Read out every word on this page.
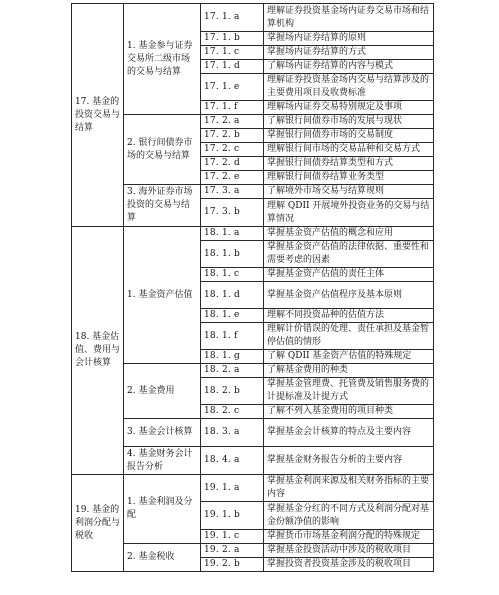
17. 基金的投资交易与结算	1. 基金参与证券交易所二级市场的交易与结算	17. 1. a	理解证券投资基金场内证券交易市场和结算机构
		17. 1. b	掌握场内证券结算的原则
		17. 1. c	掌握场内证券结算的方式
		17. 1. d	了解场内证券结算的内容与模式
		17. 1. e	理解证券投资基金场内交易与结算涉及的主要费用项目及收费标准
		17. 1. f	理解场内证券交易特别规定及事项
	2. 银行间债券市场的交易与结算	17. 2. a	了解银行间债券市场的发展与现状
		17. 2. b	掌握银行间债券市场的交易制度
		17. 2. c	理解银行间市场的交易品种和交易方式
		17. 2. d	掌握银行间债券结算类型和方式
		17. 2. e	理解银行间债券结算业务类型
	3. 海外证券市场投资的交易与结算	17. 3. a	了解境外市场交易与结算规则
		17. 3. b	理解 QDII 开展境外投资业务的交易与结算情况
18. 基金估值、费用与会计核算	1. 基金资产估值	18. 1. a	掌握基金资产估值的概念和应用
		18. 1. b	掌握基金资产估值的法律依据、重要性和需要考虑的因素
		18. 1. c	掌握基金资产估值的责任主体
		18. 1. d	掌握基金资产估值程序及基本原则
		18. 1. e	理解不同投资品种的估值方法
		18. 1. f	理解计价错误的处理、责任承担及基金暂停估值的情形
		18. 1. g	了解 QDII 基金资产估值的特殊规定
	2. 基金费用	18. 2. a	了解基金费用的种类
		18. 2. b	掌握基金管理费、托管费及销售服务费的计提标准及计提方式
		18. 2. c	了解不列入基金费用的项目种类
	3. 基金会计核算	18. 3. a	掌握基金会计核算的特点及主要内容
	4. 基金财务会计报告分析	18. 4. a	掌握基金财务报告分析的主要内容
19. 基金的利润分配与税收	1. 基金利润及分配	19. 1. a	掌握基金利润来源及相关财务指标的主要内容
		19. 1. b	掌握基金分红的不同方式及利润分配对基金份额净值的影响
		19. 1. c	掌握货币市场基金利润分配的特殊规定
	2. 基金税收	19. 2. a	掌握基金投资活动中涉及的税收项目
		19. 2. b	掌握投资者投资基金涉及的税收项目
